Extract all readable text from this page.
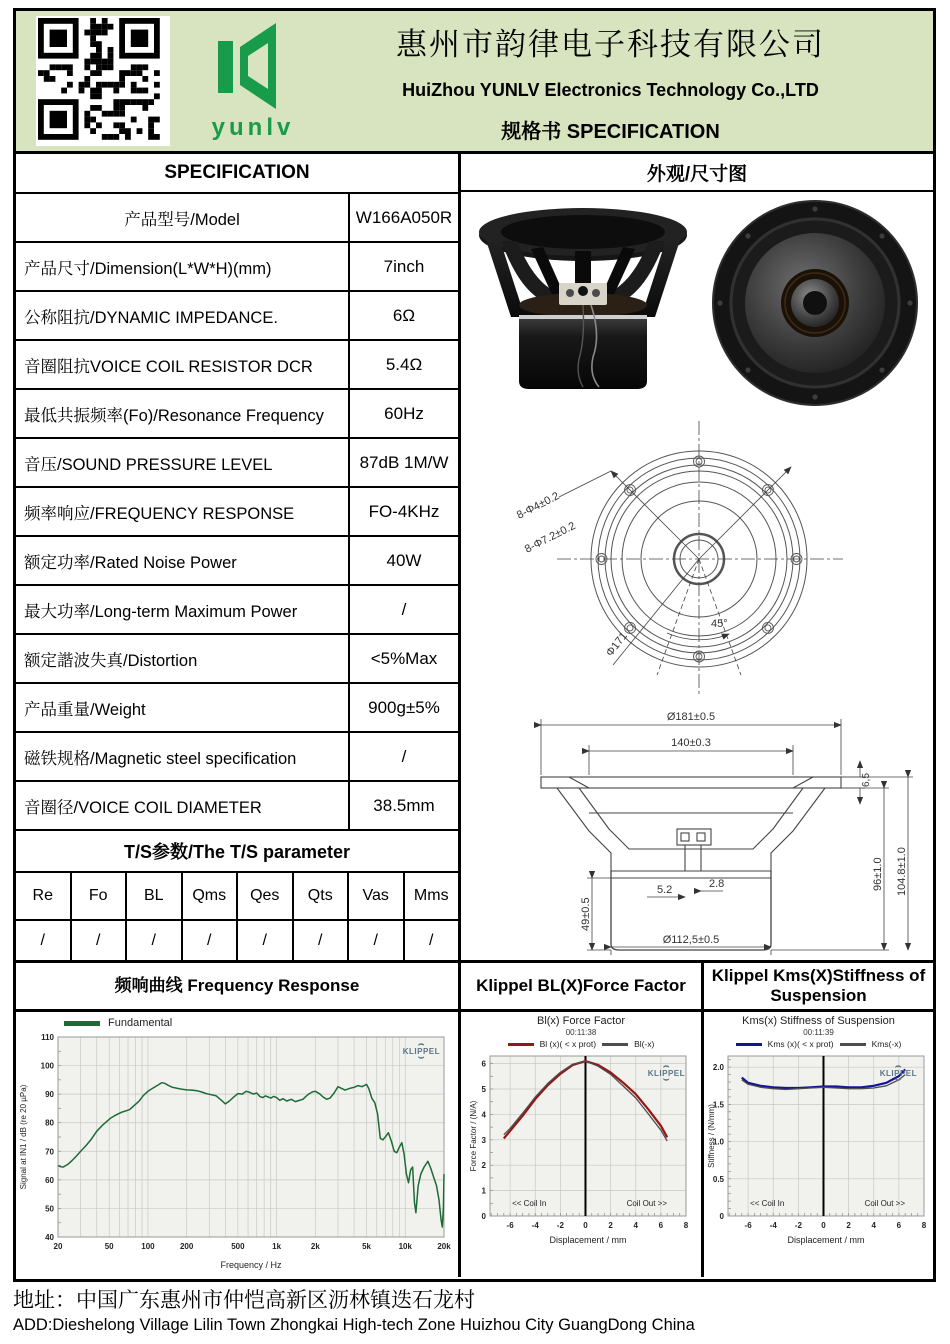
yunlv
惠州市韵律电子科技有限公司
HuiZhou YUNLV Electronics Technology Co.,LTD
规格书 SPECIFICATION
SPECIFICATION
产品型号/Model	W166A050R
产品尺寸/Dimension(L*W*H)(mm)	7inch
公称阻抗/DYNAMIC IMPEDANCE.	6Ω
音圈阻抗VOICE COIL RESISTOR DCR	5.4Ω
最低共振频率(Fo)/Resonance Frequency	60Hz
音压/SOUND PRESSURE LEVEL	87dB 1M/W
频率响应/FREQUENCY RESPONSE	FO-4KHz
额定功率/Rated Noise Power	40W
最大功率/Long-term Maximum Power	/
额定諧波失真/Distortion	<5%Max
产品重量/Weight	900g±5%
磁铁规格/Magnetic steel specification	/
音圈径/VOICE COIL DIAMETER	38.5mm
T/S参数/The T/S parameter
Re	Fo	BL	Qms	Qes	Qts	Vas	Mms
/	/	/	/	/	/	/	/
外观/尺寸图
8-Φ4±0.2
8-Φ7.2±0.2
Φ171
45°
Ø181±0.5
140±0.3
6,5
96±1.0 104.8±1.0
49±0.5
5.2	2.8
Ø112,5±0.5
频响曲线 Frequency Response
Fundamental
20	50	100	200	500	1k	2k	5k	10k	20k
40
50
60
70
80
90
100
110
Frequency / Hz
Signal at IN1 / dB (re 20 µPa)
⌢ KLIPPEL ⌣
Klippel BL(X)Force Factor
Bl(x) Force Factor
00:11:38
Bl (x)( < x prot)	Bl(-x)
-6 -4 -2 0	2	4	6	8
0
1
2
3
4
5
6
<< Coil In	Coil Out >>
Displacement / mm
Force Factor / (N/A)
⌢ KLIPPEL ⌣
Klippel Kms(X)Stiffness of Suspension
Kms(x) Stiffness of Suspension
00:11:39
Kms (x)( < x prot)	Kms(-x)
-6 -4 -2 0	2	4	6	8
0
0.5
1.0
1.5
2.0
<< Coil In	Coil Out >>
Displacement / mm
Stiffness / (N/mm)
⌢ KLIPPEL ⌣
地址：中国广东惠州市仲恺高新区沥林镇迭石龙村
ADD:Dieshelong Village Lilin Town Zhongkai High-tech Zone Huizhou City GuangDong China
